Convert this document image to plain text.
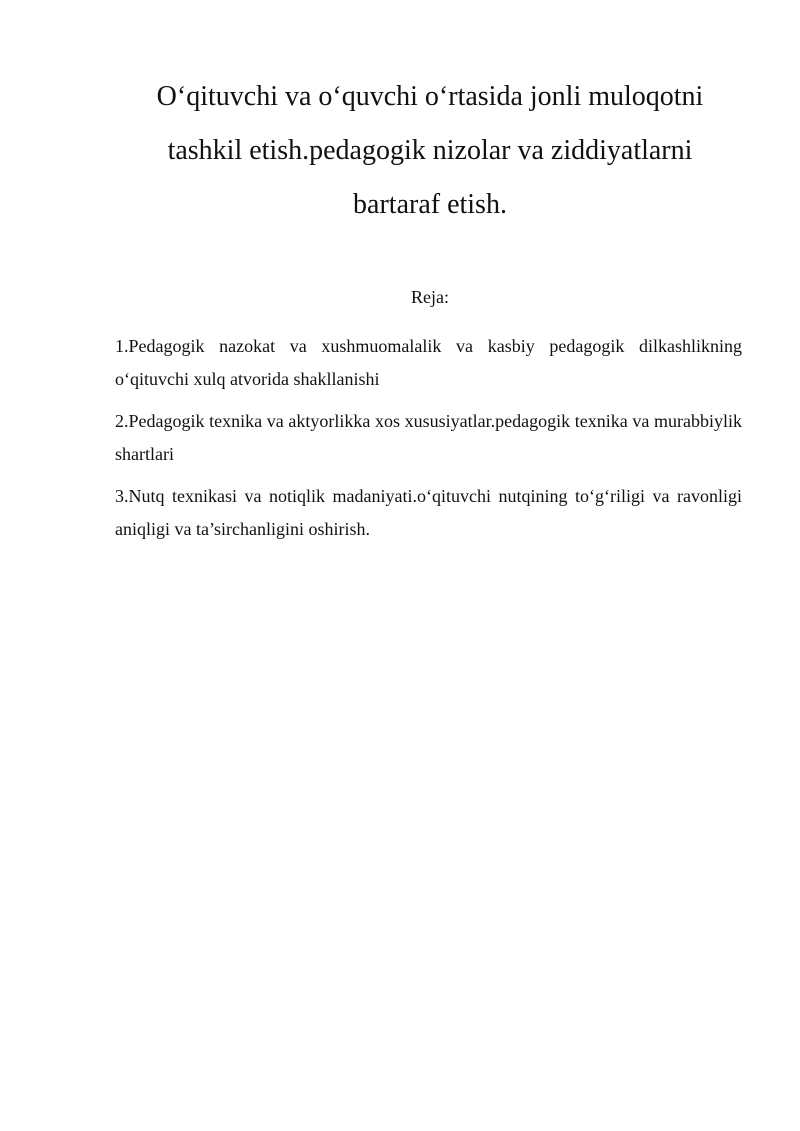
O‘qituvchi va o‘quvchi o‘rtasida jonli muloqotni
tashkil etish.pedagogik nizolar va ziddiyatlarni
bartaraf etish.

Reja:

1.Pedagogik nazokat va xushmuomalalik va kasbiy pedagogik dilkashlikning o‘qituvchi xulq atvorida shakllanishi
2.Pedagogik texnika va aktyorlikka xos xususiyatlar.pedagogik texnika va murabbiylik shartlari
3.Nutq texnikasi va notiqlik madaniyati.o‘qituvchi nutqining to‘g‘riligi va ravonligi aniqligi va ta’sirchanligini oshirish.
